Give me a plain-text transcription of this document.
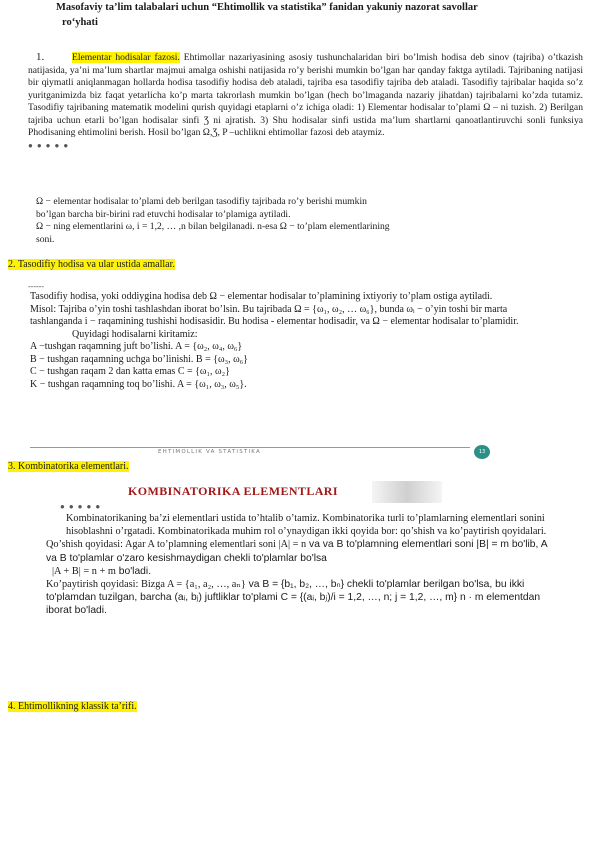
Masofaviy ta’lim talabalari uchun “Ehtimollik va statistika” fanidan yakuniy nazorat savollar
ro‘yhati
1.	Elementar hodisalar fazosi. Ehtimollar nazariyasining asosiy tushunchalaridan biri bo’lmish hodisa deb sinov (tajriba) o’tkazish natijasida, ya’ni ma’lum shartlar majmui amalga oshishi natijasida ro’y berishi mumkin bo’lgan har qanday faktga aytiladi. Tajribaning natijasi bir qiymatli aniqlanmagan hollarda hodisa tasodifiy hodisa deb ataladi, tajriba esa tasodifiy tajriba deb ataladi. Tasodifiy tajribalar haqida so’z yuritganimizda biz faqat yetarlicha ko’p marta takrorlash mumkin bo’lgan (hech bo’lmaganda nazariy jihatdan) tajribalarni ko’zda tutamiz. Tasodifiy tajribaning matematik modelini qurish quyidagi etaplarni o’z ichiga oladi: 1) Elementar hodisalar to’plami Ω – ni tuzish. 2) Berilgan tajriba uchun etarli bo’lgan hodisalar sinfi Ʒ ni ajratish. 3) Shu hodisalar sinfi ustida ma’lum shartlarni qanoatlantiruvchi sonli funksiya Phodisaning ehtimolini berish. Hosil bo’lgan Ω,Ʒ, P –uchlikni ehtimollar fazosi deb ataymiz.
● ● ● ● ●
Ω − elementar hodisalar to’plami deb berilgan tasodifiy tajribada ro’y berishi mumkin
bo’lgan barcha bir-birini rad etuvchi hodisalar to’plamiga aytiladi.
Ω − ning elementlarini ω, i = 1,2, … ,n bilan belgilanadi. n-esa Ω − to’plam elementlarining
soni.
2. Tasodifiy hodisa va ular ustida amallar.
------
Tasodifiy hodisa, yoki oddiygina hodisa deb Ω − elementar hodisalar to’plamining ixtiyoriy to’plam ostiga aytiladi.
Misol: Tajriba o’yin toshi tashlashdan iborat bo’lsin. Bu tajribada Ω = {ω₁, ω₂, … ω₆}, bunda ωᵢ − o’yin toshi bir marta tashlanganda i − raqamining tushishi hodisasidir. Bu hodisa - elementar hodisadir, va Ω − elementar hodisalar to’plamidir.
Quyidagi hodisalarni kiritamiz:
A −tushgan raqamning juft bo’lishi. A = {ω₂, ω₄, ω₆}
B − tushgan raqamning uchga bo’linishi. B = {ω₃, ω₆}
C − tushgan raqam 2 dan katta emas C = {ω₁, ω₂}
K − tushgan raqamning toq bo’lishi. A = {ω₁, ω₃, ω₅}.
EHTIMOLLIK VA STATISTIKA	13
3. Kombinatorika elementlari.
KOMBINATORIKA ELEMENTLARI
● ● ● ● ●
Kombinatorikaning ba’zi elementlari ustida to’htalib o’tamiz. Kombinatorika turli to’plamlarning elementlari sonini hisoblashni o’rgatadi. Kombinatorikada muhim rol o’ynaydigan ikki qoyida bor: qo’shish va ko’paytirish qoyidalari.
Qo’shish qoyidasi: Agar A to’plamning elementlari soni |A| = n va va B to'plamning elementlari soni |B| = m bo'lib, A va B to'plamlar o'zaro kesishmaydigan chekli to'plamlar bo'lsa
|A + B| = n + m bo'ladi.
Ko’paytirish qoyidasi: Bizga A = {a₁, a₂, …, aₙ} va B = {b₁, b₂, …, bₙ} chekli to'plamlar berilgan bo'lsa, bu ikki to'plamdan tuzilgan, barcha (aᵢ, bⱼ) juftliklar to'plami C = {(aᵢ, bⱼ)/i = 1,2, …, n; j = 1,2, …, m} n · m elementdan iborat bo'ladi.
4. Ehtimollikning klassik ta’rifi.
